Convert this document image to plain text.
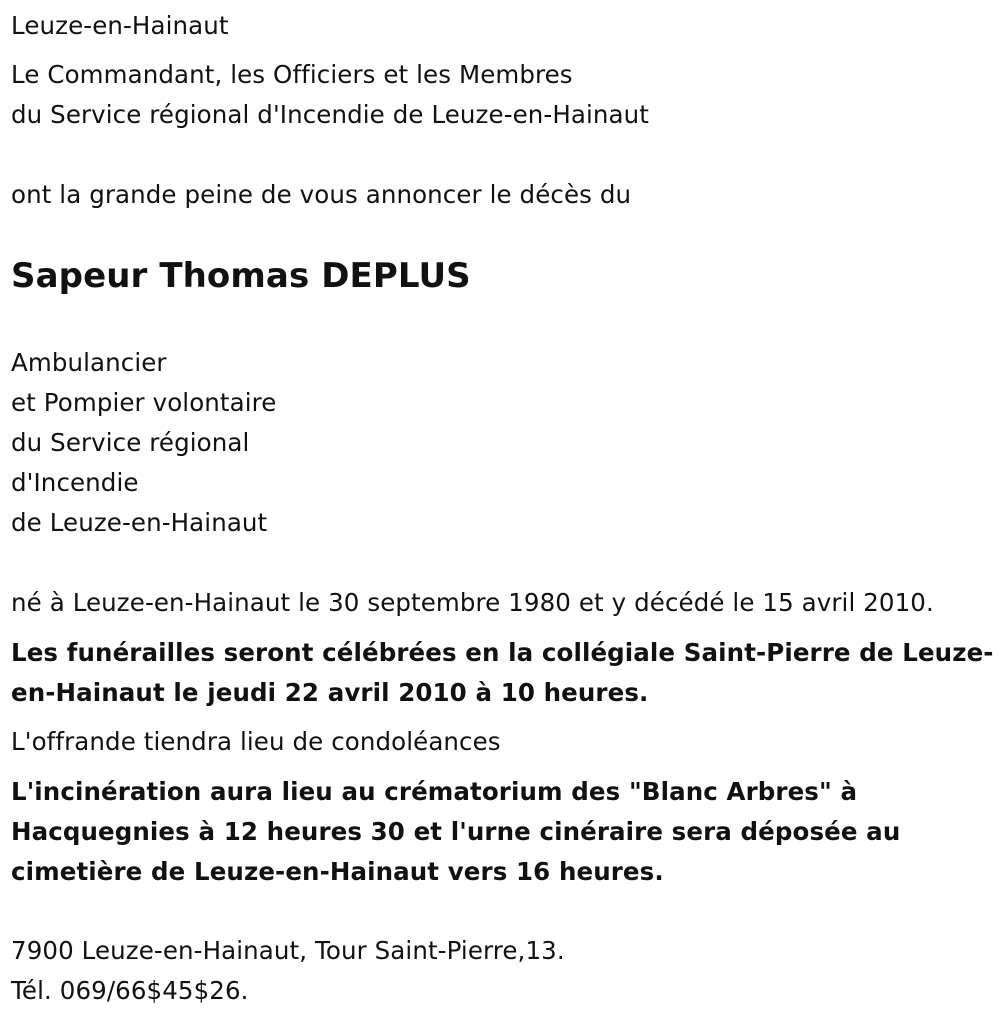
Leuze-en-Hainaut
Le Commandant, les Officiers et les Membres
du Service régional d'Incendie de Leuze-en-Hainaut
ont la grande peine de vous annoncer le décès du
Sapeur Thomas DEPLUS
Ambulancier
et Pompier volontaire
du Service régional
d'Incendie
de Leuze-en-Hainaut
né à Leuze-en-Hainaut le 30 septembre 1980 et y décédé le 15 avril 2010.
Les funérailles seront célébrées en la collégiale Saint-Pierre de Leuze-
en-Hainaut le jeudi 22 avril 2010 à 10 heures.
L'offrande tiendra lieu de condoléances
L'incinération aura lieu au crématorium des "Blanc Arbres" à
Hacquegnies à 12 heures 30 et l'urne cinéraire sera déposée au
cimetière de Leuze-en-Hainaut vers 16 heures.
7900 Leuze-en-Hainaut, Tour Saint-Pierre,13.
Tél. 069/66$45$26.
